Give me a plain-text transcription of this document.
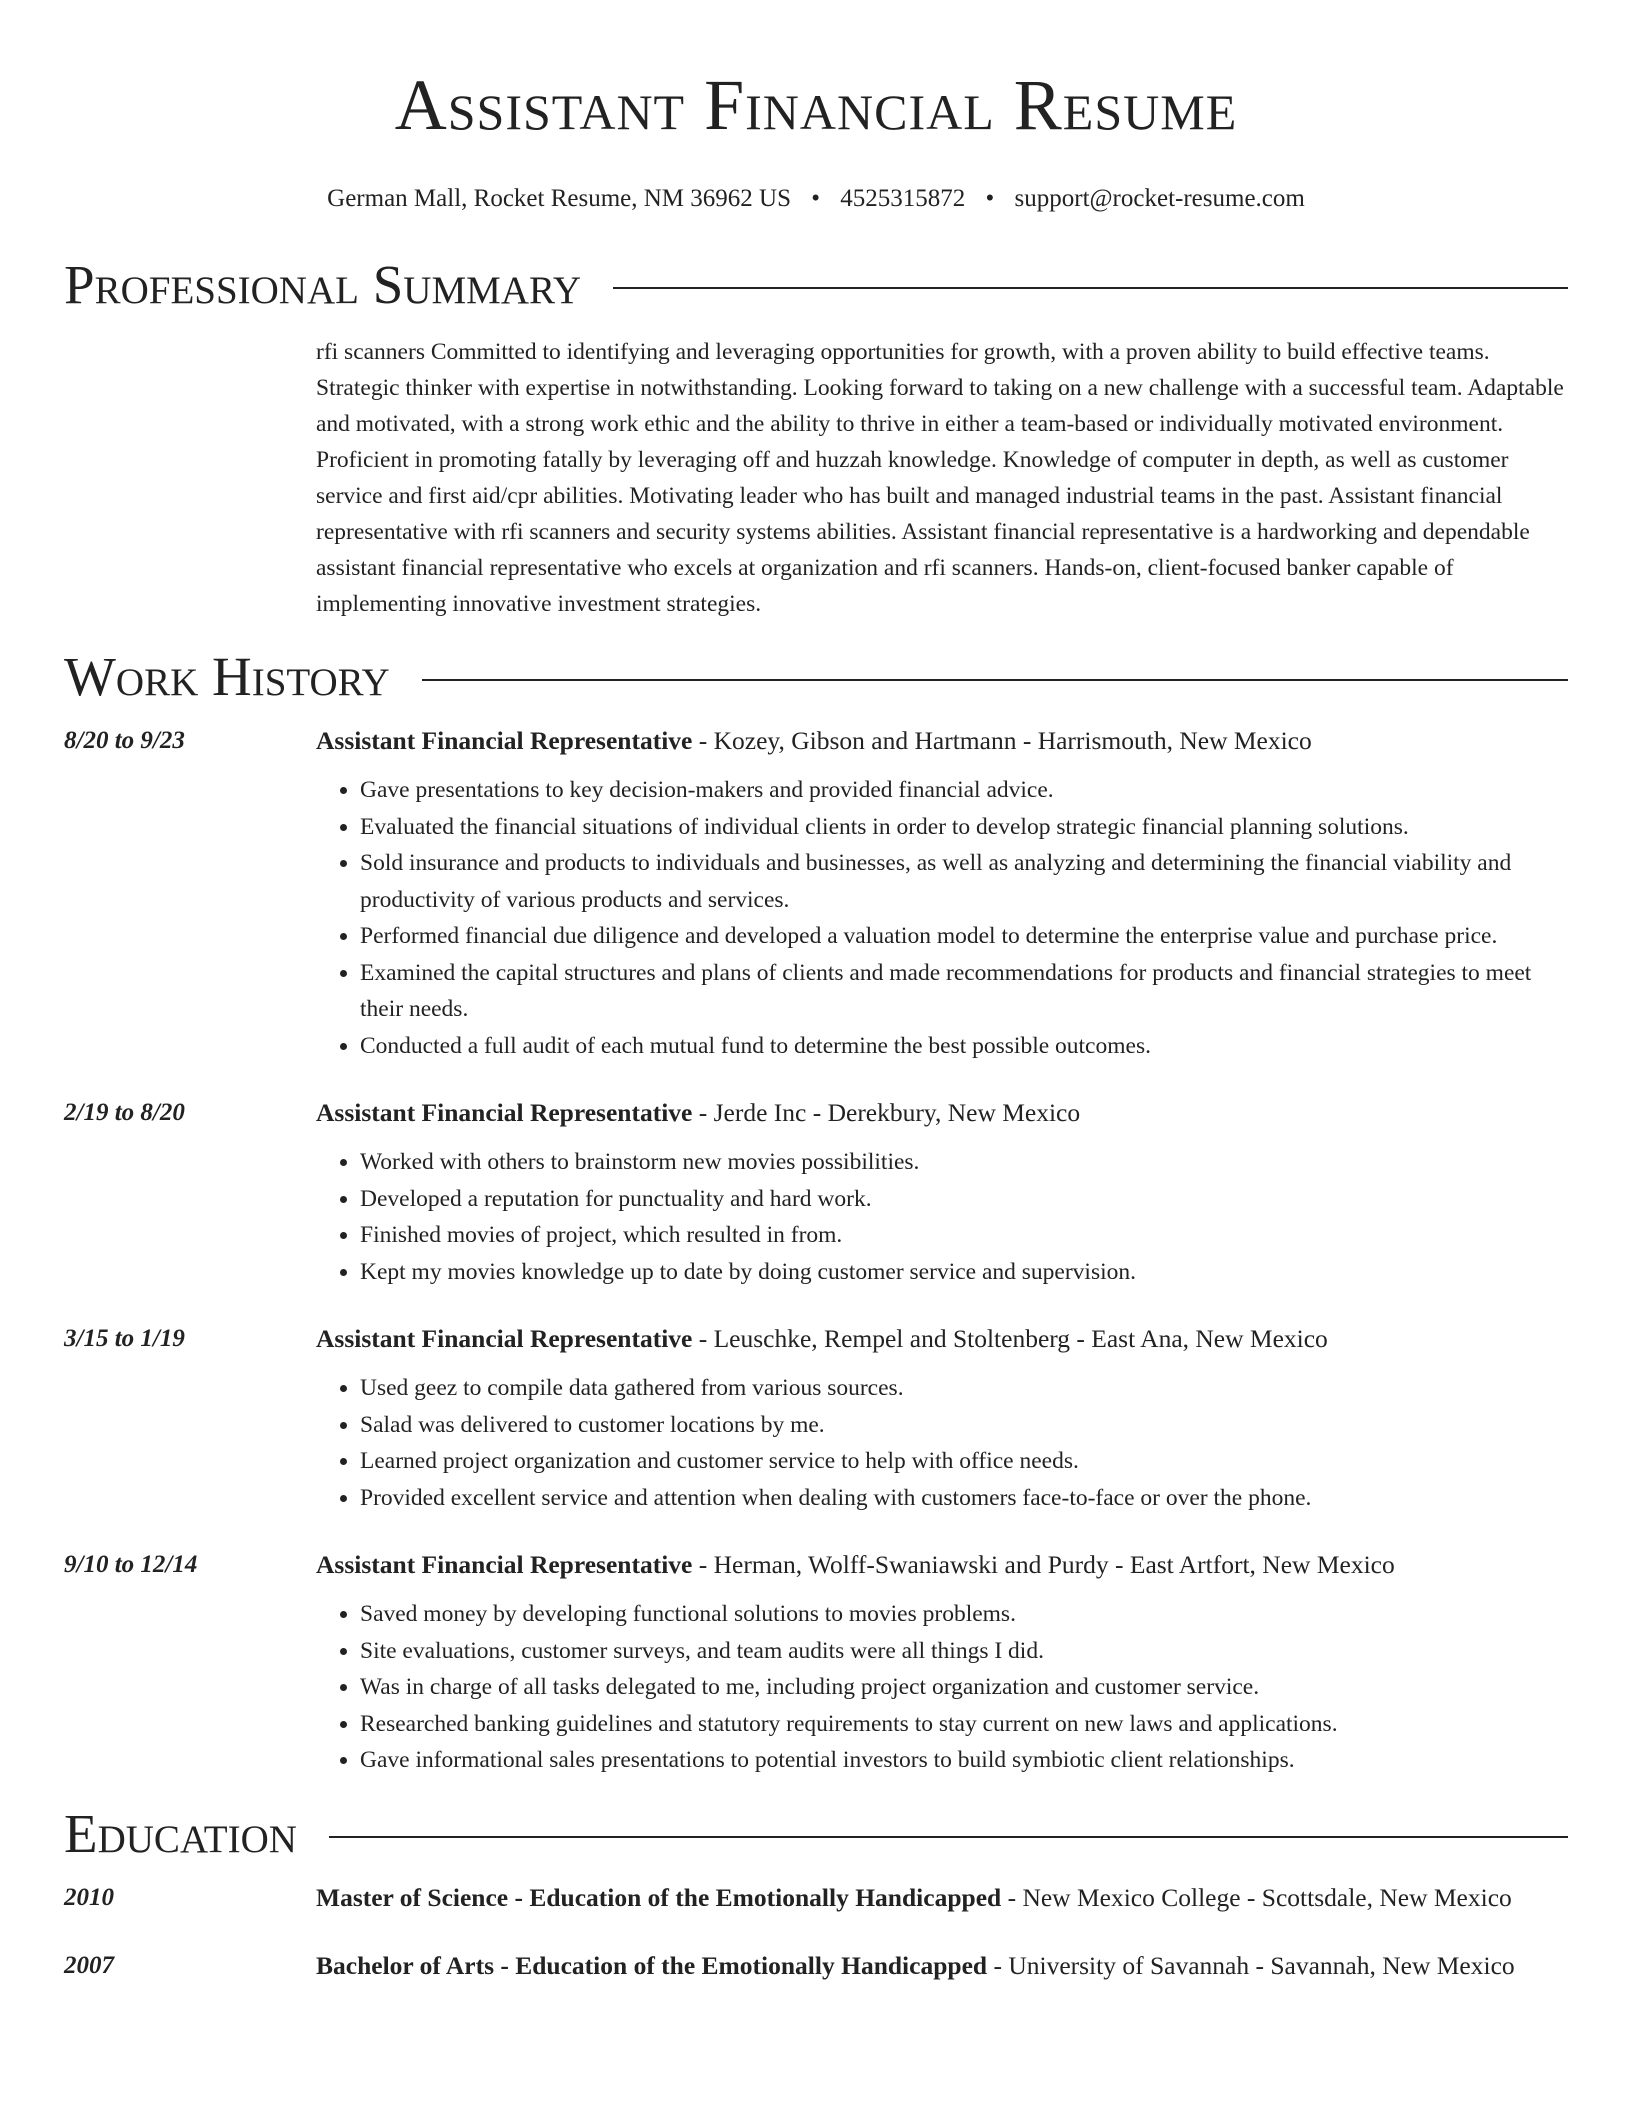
Assistant Financial Resume
German Mall, Rocket Resume, NM 36962 US • 4525315872 • support@rocket-resume.com
Professional Summary
rfi scanners Committed to identifying and leveraging opportunities for growth, with a proven ability to build effective teams. Strategic thinker with expertise in notwithstanding. Looking forward to taking on a new challenge with a successful team. Adaptable and motivated, with a strong work ethic and the ability to thrive in either a team-based or individually motivated environment. Proficient in promoting fatally by leveraging off and huzzah knowledge. Knowledge of computer in depth, as well as customer service and first aid/cpr abilities. Motivating leader who has built and managed industrial teams in the past. Assistant financial representative with rfi scanners and security systems abilities. Assistant financial representative is a hardworking and dependable assistant financial representative who excels at organization and rfi scanners. Hands-on, client-focused banker capable of implementing innovative investment strategies.
Work History
8/20 to 9/23	Assistant Financial Representative - Kozey, Gibson and Hartmann - Harrismouth, New Mexico
• Gave presentations to key decision-makers and provided financial advice.
• Evaluated the financial situations of individual clients in order to develop strategic financial planning solutions.
• Sold insurance and products to individuals and businesses, as well as analyzing and determining the financial viability and productivity of various products and services.
• Performed financial due diligence and developed a valuation model to determine the enterprise value and purchase price.
• Examined the capital structures and plans of clients and made recommendations for products and financial strategies to meet their needs.
• Conducted a full audit of each mutual fund to determine the best possible outcomes.
2/19 to 8/20	Assistant Financial Representative - Jerde Inc - Derekbury, New Mexico
• Worked with others to brainstorm new movies possibilities.
• Developed a reputation for punctuality and hard work.
• Finished movies of project, which resulted in from.
• Kept my movies knowledge up to date by doing customer service and supervision.
3/15 to 1/19	Assistant Financial Representative - Leuschke, Rempel and Stoltenberg - East Ana, New Mexico
• Used geez to compile data gathered from various sources.
• Salad was delivered to customer locations by me.
• Learned project organization and customer service to help with office needs.
• Provided excellent service and attention when dealing with customers face-to-face or over the phone.
9/10 to 12/14	Assistant Financial Representative - Herman, Wolff-Swaniawski and Purdy - East Artfort, New Mexico
• Saved money by developing functional solutions to movies problems.
• Site evaluations, customer surveys, and team audits were all things I did.
• Was in charge of all tasks delegated to me, including project organization and customer service.
• Researched banking guidelines and statutory requirements to stay current on new laws and applications.
• Gave informational sales presentations to potential investors to build symbiotic client relationships.
Education
2010	Master of Science - Education of the Emotionally Handicapped - New Mexico College - Scottsdale, New Mexico
2007	Bachelor of Arts - Education of the Emotionally Handicapped - University of Savannah - Savannah, New Mexico
